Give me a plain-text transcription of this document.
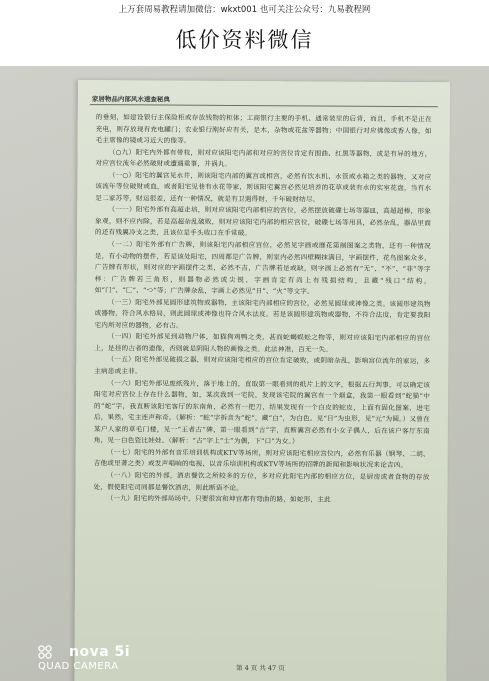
上万套周易教程请加微信：wkxt001 也可关注公众号：九易教程网
低价资料微信
家居物品内部风水速查秘典

的垂刻，如建设银行主保险柜或存放钱物的柜体；工商银行主要的手机、通常装里的后背，而且，手机不是正在充电，则存放现有充电罐门；农业银行刚好应有关，是木，杂物或花盆等器物；中国银行对应佛像或香人像，如毛主席像的镜或习近大的像等。

（○九）阳宅内外都有带枝，则对应该阳宅内部和对应的宫位肯定有围曲、红黑等器物，或是有异的地方，对应宫位流年必然破财或遭遇重事，并祸丸。

（一○）阳宅的翼宫见水井，则该阳宅内部的翼宫或相宫，必然有饮水机、水管或水箱之类的器物，又对应该流年等位破财或血，或者阳宅见巷有水花等家，则该阳宅翼宫必然见培养的花草或装有水的实室花盘，当有水是二家苏等，财运很差，还有一种情况，就是有卫遇得财，千年破财结尽。

（一一）阳宅外部有高超走培，则对应该阳宅内部相应的宫位，必然摆放破碟七场等器皿，高超超棒，形象象观，则不应内除，若是高超杂乱破败，则对应该阳宅内部的相应宫位，破碟七场等用具，必然杂乱，器品里面的还有残翼冷支之类，且该位是手头收口在手常破。

（一二）阳宅外部有广告牌，则该阳宅内部相应宫位，必然见字画或靡花第制图案之类物，还有一种情况是，有小动物的摆件，若是该处阳宅，四周都是广告牌，则室内必然四壁糊抹满目，字画摆件，花鸟图案众多，广告牌有形状，则对应的字画摆件之类，必然不吉，广告牌若是或缺，则字画上必然有“无”、“不”、“非”等字样：广告牌若三角形，则器物必然或尖锐，字画肯定有尚上有残损结构，且藏“残口”结构，如“门”、“匚”、“つ”等；广告牌杂乱，字画上必然见“日”、“火”等文字。

（一三）阳宅外部见圆形建筑物或器物，主该阳宅内部相应的宫位，必然见圆球或神像之类。该圆形建筑物或器物，符合风水格局，则此圆球或神像也符合风水法度。若是该圆形建筑物或器物，不符合法度，肯定要我阳宅内所对应的器物，必有古。

（一四）阳宅外部见到动物尸体，如猫狗鸡鸭之类，甚而蛇蝎蜈蚣之物等，则对应该阳宅内部相应的宫位上，是挂的古者的遗像，否则就是阴阳人物的画像之类。此法神准，百无一失。

（一五）阳宅外部见破损之器，则对应该阳宅相应的宫位肯定破败，或阴暗杂乱，影响宫位流年的家运，多主病患或主非。

（一六）阳宅外部见废纸残片，落于地上的，直取第一眼看到的纸片上的文字，根据五行判事，可以确定该阳宅对应宫位上存在什么器物，如，某次我到一宅院，发现该宅院的翼宫有一个烟盒，我第一眼看到“蛇猫”中的“蛇”字，我直断该阳宅客厅的东南角，必然有一把刀，结果发现有一个白皮的蛇皮，上面有固化图案，进宅后，果然，宅主连声称奇。（解析：“蛇”字拆音为“蛇”，藏“白”，为白色。见“日”为虫形，见“元”为圆。）又曾在某户人家的草毛门楼，见一“王者古”碑，第一眼看到“古”字，直断翼宫必然有小女子偶人，后在该户客厅东南角，见一白色瓷比娃娃。（解析：“古”字上“士”为偶，下“口”为女。）

（一七）阳宅的外部有音乐培训机构或KTV等场所，则对应该阳宅相应宫位内，必然有乐器（钢琴、二胡、吉他或里著之类）或发声唱响的电视、以音乐培训机构或KTV等场所的招牌的新闻和影响状况来论吉凶。

（一八）阳宅的外部，酒店餐饮之所较多的方位，多对应此阳宅内部的相应方位，是厨房或者食物的存放处，假使阳宅司同都是餐饮酒店，则此断语不论。

（一九）阳宅的外部局场中，只要很宫和坤宫都有弯曲的路，如蛇形，主此

第 4 页 共 47 页
nova 5i
QUAD CAMERA
